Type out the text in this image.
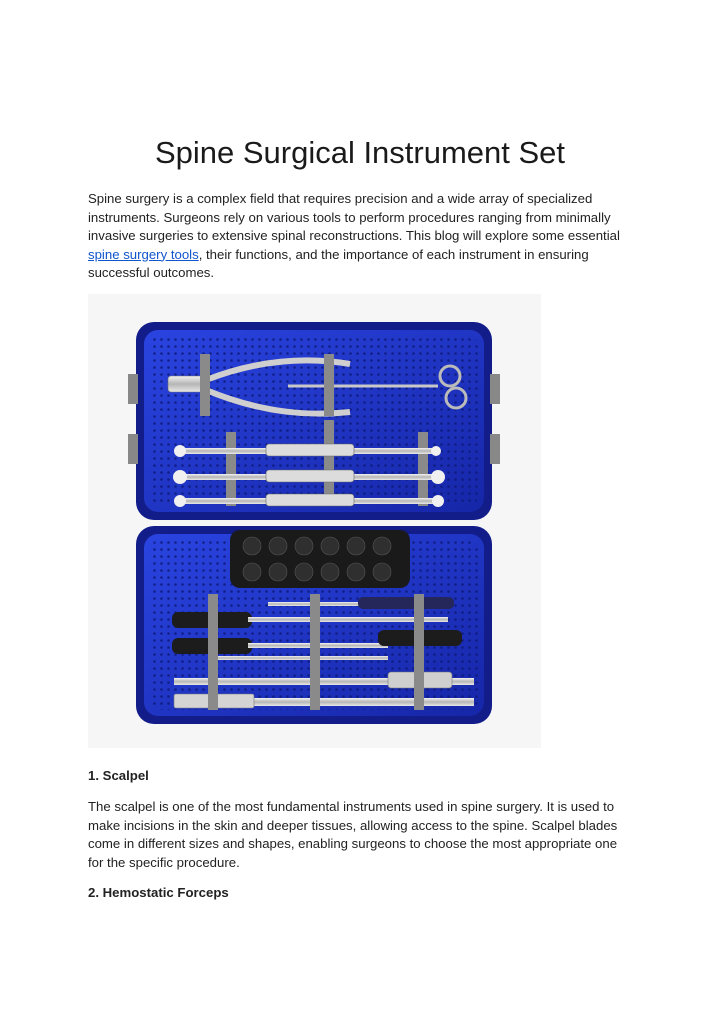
Spine Surgical Instrument Set

Spine surgery is a complex field that requires precision and a wide array of specialized instruments. Surgeons rely on various tools to perform procedures ranging from minimally invasive surgeries to extensive spinal reconstructions. This blog will explore some essential spine surgery tools, their functions, and the importance of each instrument in ensuring successful outcomes.

1. Scalpel

The scalpel is one of the most fundamental instruments used in spine surgery. It is used to make incisions in the skin and deeper tissues, allowing access to the spine. Scalpel blades come in different sizes and shapes, enabling surgeons to choose the most appropriate one for the specific procedure.

2. Hemostatic Forceps
